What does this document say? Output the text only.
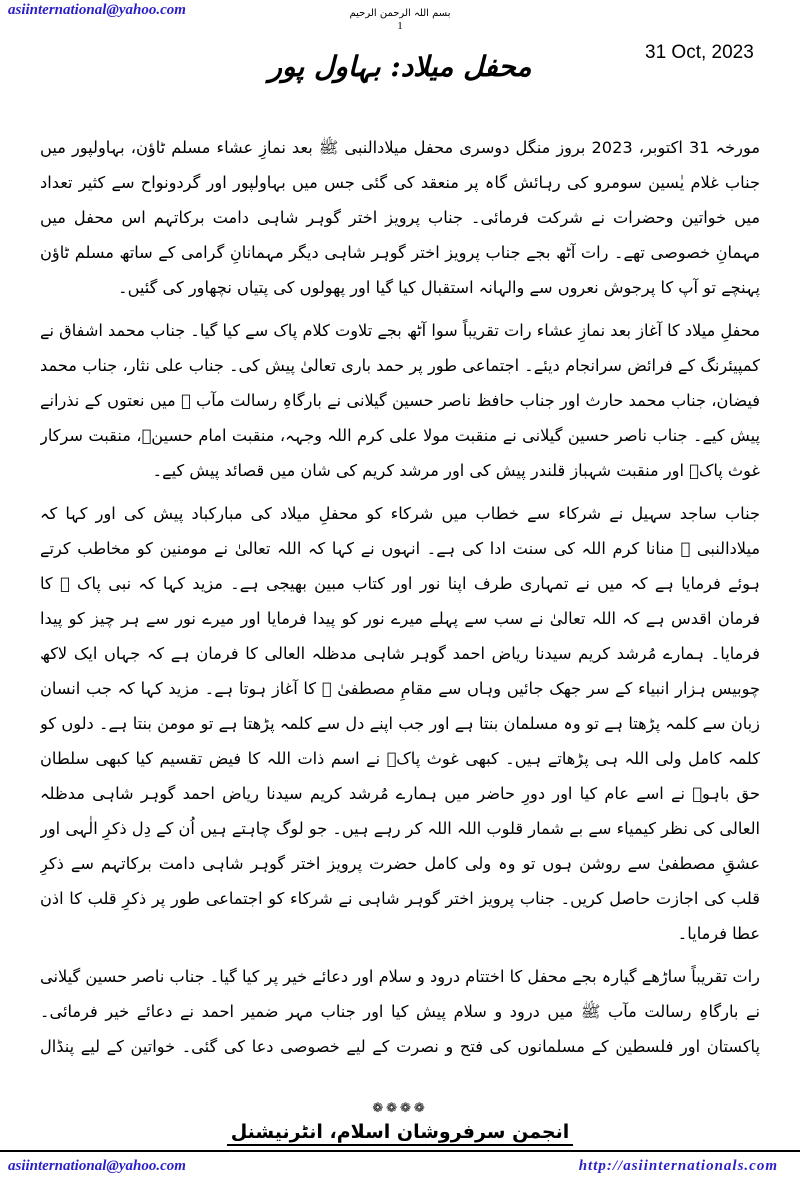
asiinternational@yahoo.com	بسم اللہ الرحمن الرحیم
1
31 Oct, 2023
محفل میلاد: بہاول پور

مورخہ 31 اکتوبر، 2023 بروز منگل دوسری محفل میلادالنبی ﷺ بعد نمازِ عشاء مسلم ٹاؤن، بہاولپور میں جناب غلام یٰسین سومرو کی رہائش گاہ پر منعقد کی گئی جس میں بہاولپور اور گردونواح سے کثیر تعداد میں خواتین وحضرات نے شرکت فرمائی۔ جناب پرویز اختر گوہر شاہی دامت برکاتہم اس محفل میں مہمانِ خصوصی تھے۔ رات آٹھ بجے جناب پرویز اختر گوہر شاہی دیگر مہمانانِ گرامی کے ساتھ مسلم ٹاؤن پہنچے تو آپ کا پرجوش نعروں سے والہانہ استقبال کیا گیا اور پھولوں کی پتیاں نچھاور کی گئیں۔

محفلِ میلاد کا آغاز بعد نمازِ عشاء رات تقریباً سوا آٹھ بجے تلاوت کلام پاک سے کیا گیا۔ جناب محمد اشفاق نے کمپیئرنگ کے فرائض سرانجام دیئے۔ اجتماعی طور پر حمد باری تعالیٰ پیش کی۔ جناب علی نثار، جناب محمد فیضان، جناب محمد حارث اور جناب حافظ ناصر حسین گیلانی نے بارگاہِ رسالت مآب ﷺ میں نعتوں کے نذرانے پیش کیے۔ جناب ناصر حسین گیلانی نے منقبت مولا علی کرم اللہ وجہہ، منقبت امام حسینؑ، منقبت سرکار غوث پاکؒ اور منقبت شہباز قلندر پیش کی اور مرشد کریم کی شان میں قصائد پیش کیے۔

جناب ساجد سہیل نے شرکاء سے خطاب میں شرکاء کو محفلِ میلاد کی مبارکباد پیش کی اور کہا کہ میلادالنبی ﷺ منانا کرم اللہ کی سنت ادا کی ہے۔ انہوں نے کہا کہ اللہ تعالیٰ نے مومنین کو مخاطب کرتے ہوئے فرمایا ہے کہ میں نے تمہاری طرف اپنا نور اور کتاب مبین بھیجی ہے۔ مزید کہا کہ نبی پاک ﷺ کا فرمان اقدس ہے کہ اللہ تعالیٰ نے سب سے پہلے میرے نور کو پیدا فرمایا اور میرے نور سے ہر چیز کو پیدا فرمایا۔ ہمارے مُرشد کریم سیدنا ریاض احمد گوہر شاہی مدظلہ العالی کا فرمان ہے کہ جہاں ایک لاکھ چوبیس ہزار انبیاء کے سر جھک جائیں وہاں سے مقامِ مصطفیٰ ﷺ کا آغاز ہوتا ہے۔ مزید کہا کہ جب انسان زبان سے کلمہ پڑھتا ہے تو وہ مسلمان بنتا ہے اور جب اپنے دل سے کلمہ پڑھتا ہے تو مومن بنتا ہے۔ دلوں کو کلمہ کامل ولی اللہ ہی پڑھاتے ہیں۔ کبھی غوث پاکؒ نے اسم ذات اللہ کا فیض تقسیم کیا کبھی سلطان حق باہوؒ نے اسے عام کیا اور دورِ حاضر میں ہمارے مُرشد کریم سیدنا ریاض احمد گوہر شاہی مدظلہ العالی کی نظر کیمیاء سے بے شمار قلوب اللہ اللہ کر رہے ہیں۔ جو لوگ چاہتے ہیں اُن کے دِل ذکرِ الٰہی اور عشقِ مصطفیٰ سے روشن ہوں تو وہ ولی کامل حضرت پرویز اختر گوہر شاہی دامت برکاتہم سے ذکرِ قلب کی اجازت حاصل کریں۔ جناب پرویز اختر گوہر شاہی نے شرکاء کو اجتماعی طور پر ذکرِ قلب کا اذن عطا فرمایا۔

رات تقریباً ساڑھے گیارہ بجے محفل کا اختتام درود و سلام اور دعائے خیر پر کیا گیا۔ جناب ناصر حسین گیلانی نے بارگاہِ رسالت مآب ﷺ میں درود و سلام پیش کیا اور جناب مہر ضمیر احمد نے دعائے خیر فرمائی۔ پاکستان اور فلسطین کے مسلمانوں کی فتح و نصرت کے لیے خصوصی دعا کی گئی۔ خواتین کے لیے پنڈال

❁❁❁❁
انجمن سرفروشان اسلام، انٹرنیشنل
asiinternational@yahoo.com	http://asiinternationals.com
